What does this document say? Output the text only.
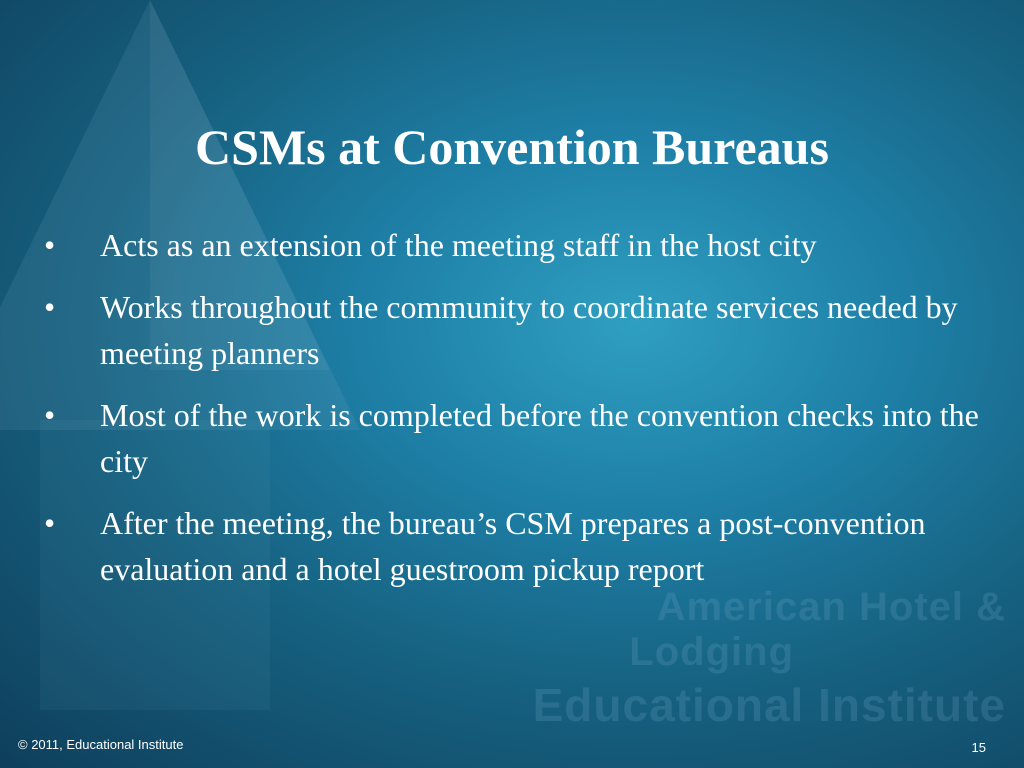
American Hotel &
Lodging
Educational Institute
CSMs at Convention Bureaus
•	Acts as an extension of the meeting staff in the host city
•	Works throughout the community to coordinate services needed by meeting planners
•	Most of the work is completed before the convention checks into the city
•	After the meeting, the bureau’s CSM prepares a post-convention evaluation and a hotel guestroom pickup report
© 2011, Educational Institute	15
